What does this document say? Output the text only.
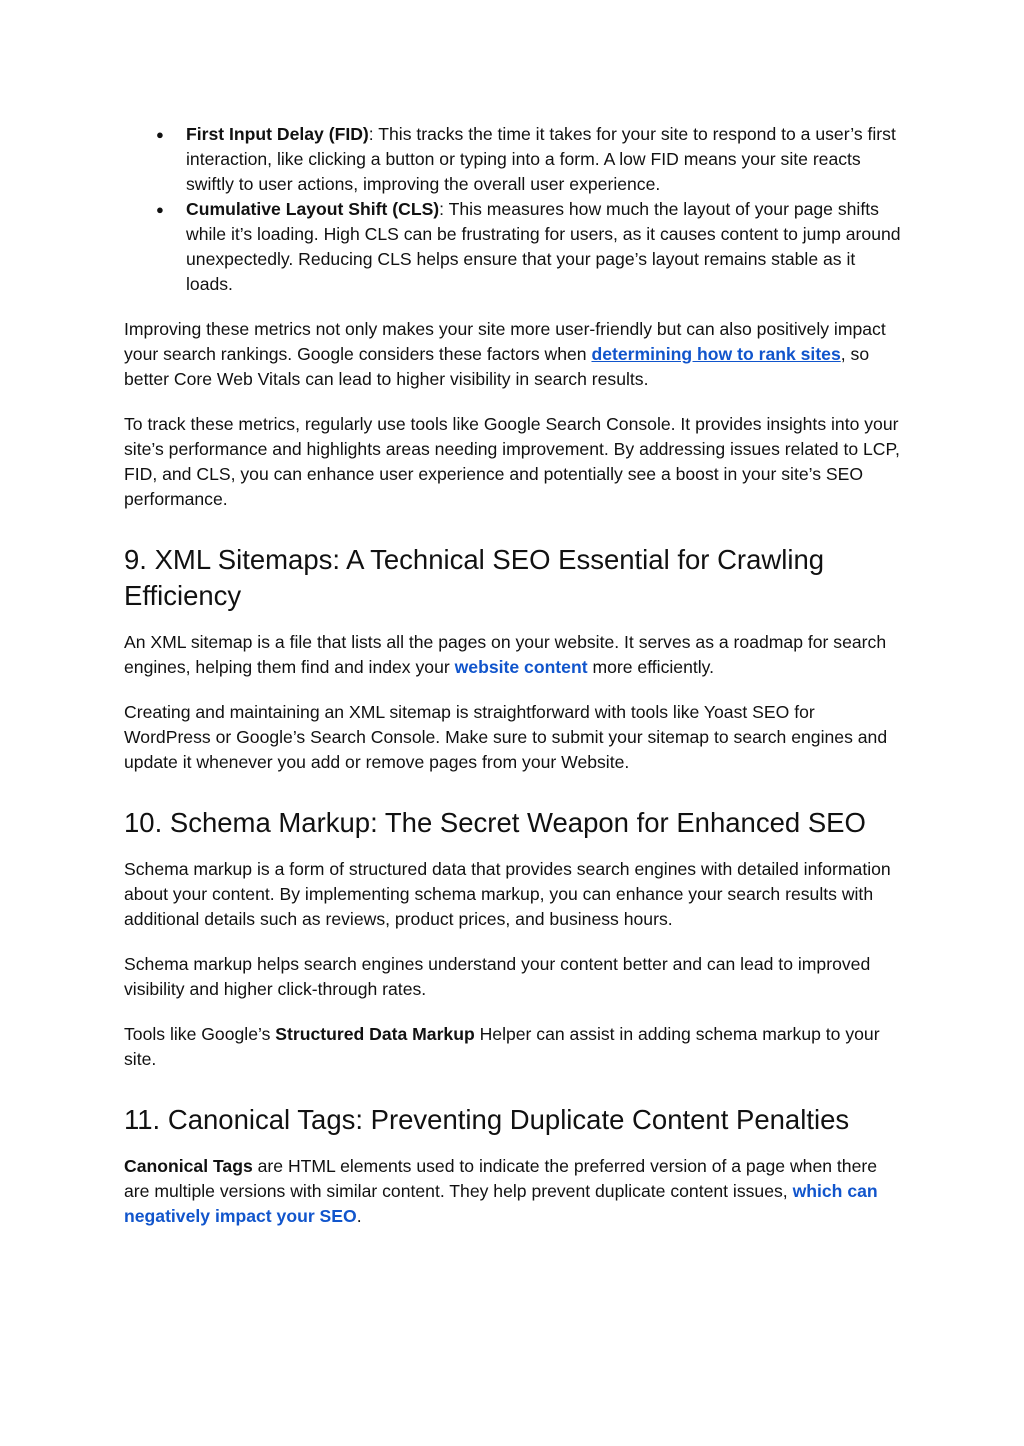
● First Input Delay (FID): This tracks the time it takes for your site to respond to a user’s first interaction, like clicking a button or typing into a form. A low FID means your site reacts swiftly to user actions, improving the overall user experience.
● Cumulative Layout Shift (CLS): This measures how much the layout of your page shifts while it’s loading. High CLS can be frustrating for users, as it causes content to jump around unexpectedly. Reducing CLS helps ensure that your page’s layout remains stable as it loads.

Improving these metrics not only makes your site more user-friendly but can also positively impact your search rankings. Google considers these factors when determining how to rank sites, so better Core Web Vitals can lead to higher visibility in search results.

To track these metrics, regularly use tools like Google Search Console. It provides insights into your site’s performance and highlights areas needing improvement. By addressing issues related to LCP, FID, and CLS, you can enhance user experience and potentially see a boost in your site’s SEO performance.

9. XML Sitemaps: A Technical SEO Essential for Crawling Efficiency

An XML sitemap is a file that lists all the pages on your website. It serves as a roadmap for search engines, helping them find and index your website content more efficiently.

Creating and maintaining an XML sitemap is straightforward with tools like Yoast SEO for WordPress or Google’s Search Console. Make sure to submit your sitemap to search engines and update it whenever you add or remove pages from your Website.

10. Schema Markup: The Secret Weapon for Enhanced SEO

Schema markup is a form of structured data that provides search engines with detailed information about your content. By implementing schema markup, you can enhance your search results with additional details such as reviews, product prices, and business hours.

Schema markup helps search engines understand your content better and can lead to improved visibility and higher click-through rates.

Tools like Google’s Structured Data Markup Helper can assist in adding schema markup to your site.

11. Canonical Tags: Preventing Duplicate Content Penalties

Canonical Tags are HTML elements used to indicate the preferred version of a page when there are multiple versions with similar content. They help prevent duplicate content issues, which can negatively impact your SEO.
